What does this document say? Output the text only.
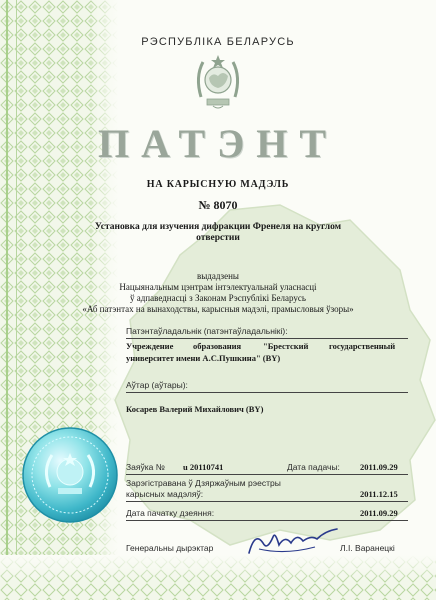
РЭСПУБЛІКА БЕЛАРУСЬ
ПАТЭНТ
НА КАРЫСНУЮ МАДЭЛЬ
№ 8070
Установка для изучения дифракции Френеля на круглом
отверстии
выдадзены
Нацыянальным цэнтрам інтэлектуальнай уласнасці
ў адпаведнасці з Законам Рэспублікі Беларусь
«Аб патэнтах на вынаходствы, карысныя мадэлі, прамысловыя ўзоры»
Патэнтаўладальнік (патэнтаўладальнікі):
Учреждение образования	"Брестский государственный
университет имени А.С.Пушкина" (BY)
Аўтар (аўтары):
Косарев Валерий Михайлович (BY)
Заяўка № u 20110741	Дата падачы: 2011.09.29
Зарэгістравана ў Дзяржаўным рэестры
карысных мадэляў:	2011.12.15
Дата пачатку дзеяння:	2011.09.29
Генеральны дырэктар	Л.І. Варанецкі
